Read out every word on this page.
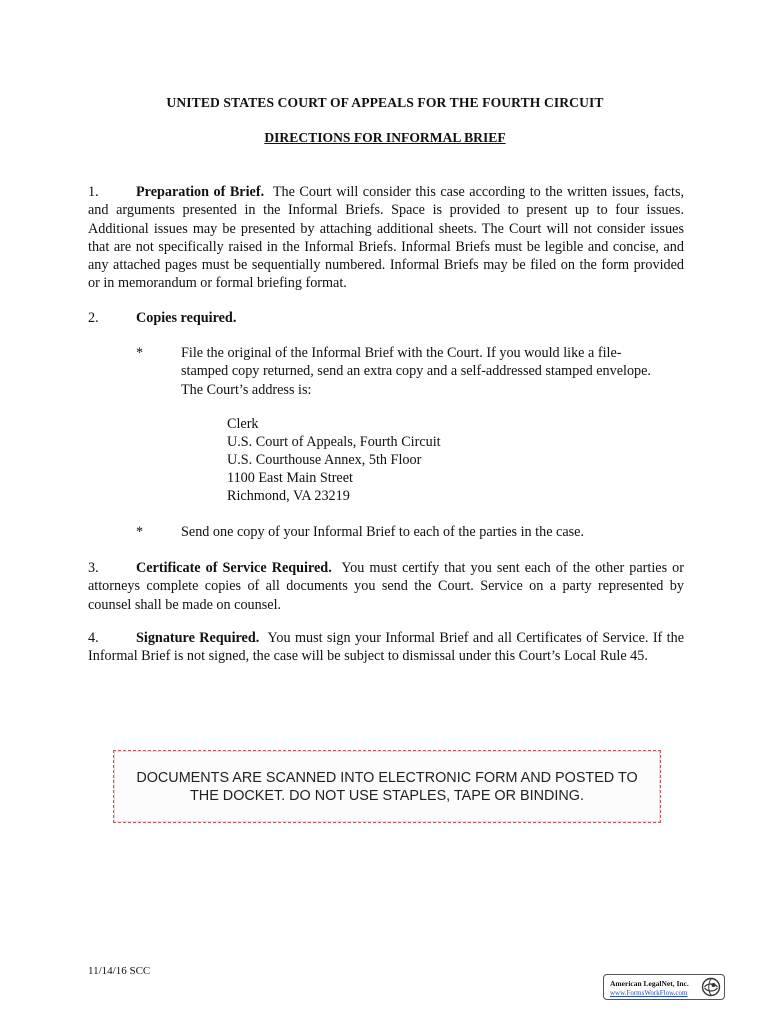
UNITED STATES COURT OF APPEALS FOR THE FOURTH CIRCUIT
DIRECTIONS FOR INFORMAL BRIEF
1.	Preparation of Brief. The Court will consider this case according to the written issues, facts, and arguments presented in the Informal Briefs. Space is provided to present up to four issues. Additional issues may be presented by attaching additional sheets. The Court will not consider issues that are not specifically raised in the Informal Briefs. Informal Briefs must be legible and concise, and any attached pages must be sequentially numbered. Informal Briefs may be filed on the form provided or in memorandum or formal briefing format.
2.	Copies required.
*	File the original of the Informal Brief with the Court. If you would like a file-stamped copy returned, send an extra copy and a self-addressed stamped envelope. The Court’s address is:
Clerk
U.S. Court of Appeals, Fourth Circuit
U.S. Courthouse Annex, 5th Floor
1100 East Main Street
Richmond, VA 23219
*	Send one copy of your Informal Brief to each of the parties in the case.
3.	Certificate of Service Required. You must certify that you sent each of the other parties or attorneys complete copies of all documents you send the Court. Service on a party represented by counsel shall be made on counsel.
4.	Signature Required. You must sign your Informal Brief and all Certificates of Service. If the Informal Brief is not signed, the case will be subject to dismissal under this Court’s Local Rule 45.
DOCUMENTS ARE SCANNED INTO ELECTRONIC FORM AND POSTED TO
THE DOCKET. DO NOT USE STAPLES, TAPE OR BINDING.
11/14/16 SCC
American LegalNet, Inc.
www.FormsWorkFlow.com
